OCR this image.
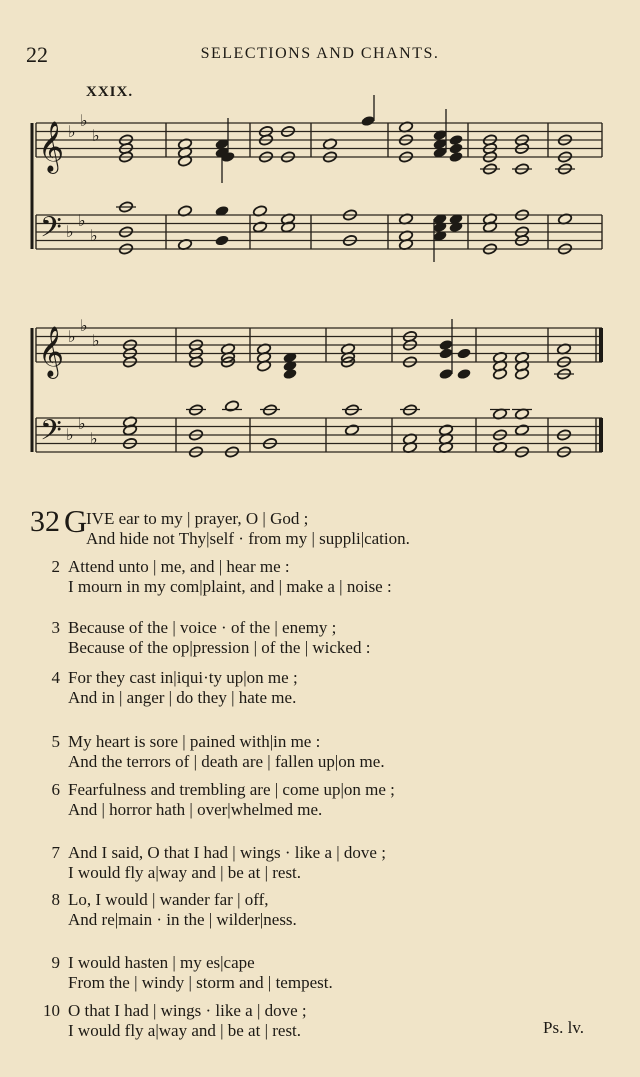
22	SELECTIONS AND CHANTS.
XXIX.
𝄞
𝄢
♭
♭
♭
♭
♭
♭
𝄞
𝄢
♭
♭
♭
♭
♭
♭
32 G
IVE ear to my | prayer, O | God ;
And hide not Thy|self · from my | suppli|cation.
2 Attend unto | me, and | hear me :
I mourn in my com|plaint, and | make a | noise :
3 Because of the | voice · of the | enemy ;
Because of the op|pression | of the | wicked :
4 For they cast in|iqui·ty up|on me ;
And in | anger | do they | hate me.
5 My heart is sore | pained with|in me :
And the terrors of | death are | fallen up|on me.
6 Fearfulness and trembling are | come up|on me ;
And | horror hath | over|whelmed me.
7 And I said, O that I had | wings · like a | dove ;
I would fly a|way and | be at | rest.
8 Lo, I would | wander far | off,
And re|main · in the | wilder|ness.
9 I would hasten | my es|cape
From the | windy | storm and | tempest.
10 O that I had | wings · like a | dove ;
I would fly a|way and | be at | rest.	Ps. lv.
